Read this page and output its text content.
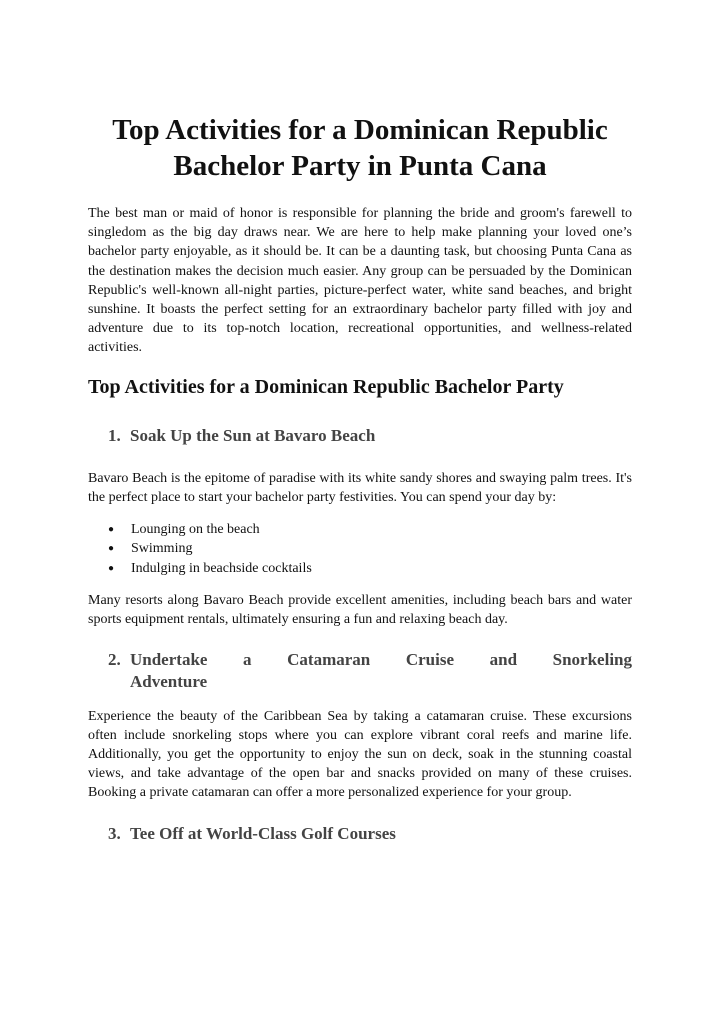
Top Activities for a Dominican Republic Bachelor Party in Punta Cana

The best man or maid of honor is responsible for planning the bride and groom's farewell to singledom as the big day draws near. We are here to help make planning your loved one’s bachelor party enjoyable, as it should be. It can be a daunting task, but choosing Punta Cana as the destination makes the decision much easier. Any group can be persuaded by the Dominican Republic's well-known all-night parties, picture-perfect water, white sand beaches, and bright sunshine. It boasts the perfect setting for an extraordinary bachelor party filled with joy and adventure due to its top-notch location, recreational opportunities, and wellness-related activities.

Top Activities for a Dominican Republic Bachelor Party
1. Soak Up the Sun at Bavaro Beach

Bavaro Beach is the epitome of paradise with its white sandy shores and swaying palm trees. It's the perfect place to start your bachelor party festivities. You can spend your day by:

● Lounging on the beach
● Swimming
● Indulging in beachside cocktails

Many resorts along Bavaro Beach provide excellent amenities, including beach bars and water sports equipment rentals, ultimately ensuring a fun and relaxing beach day.

2. Undertake a Catamaran Cruise and Snorkeling
Adventure

Experience the beauty of the Caribbean Sea by taking a catamaran cruise. These excursions often include snorkeling stops where you can explore vibrant coral reefs and marine life. Additionally, you get the opportunity to enjoy the sun on deck, soak in the stunning coastal views, and take advantage of the open bar and snacks provided on many of these cruises. Booking a private catamaran can offer a more personalized experience for your group.

3. Tee Off at World-Class Golf Courses
